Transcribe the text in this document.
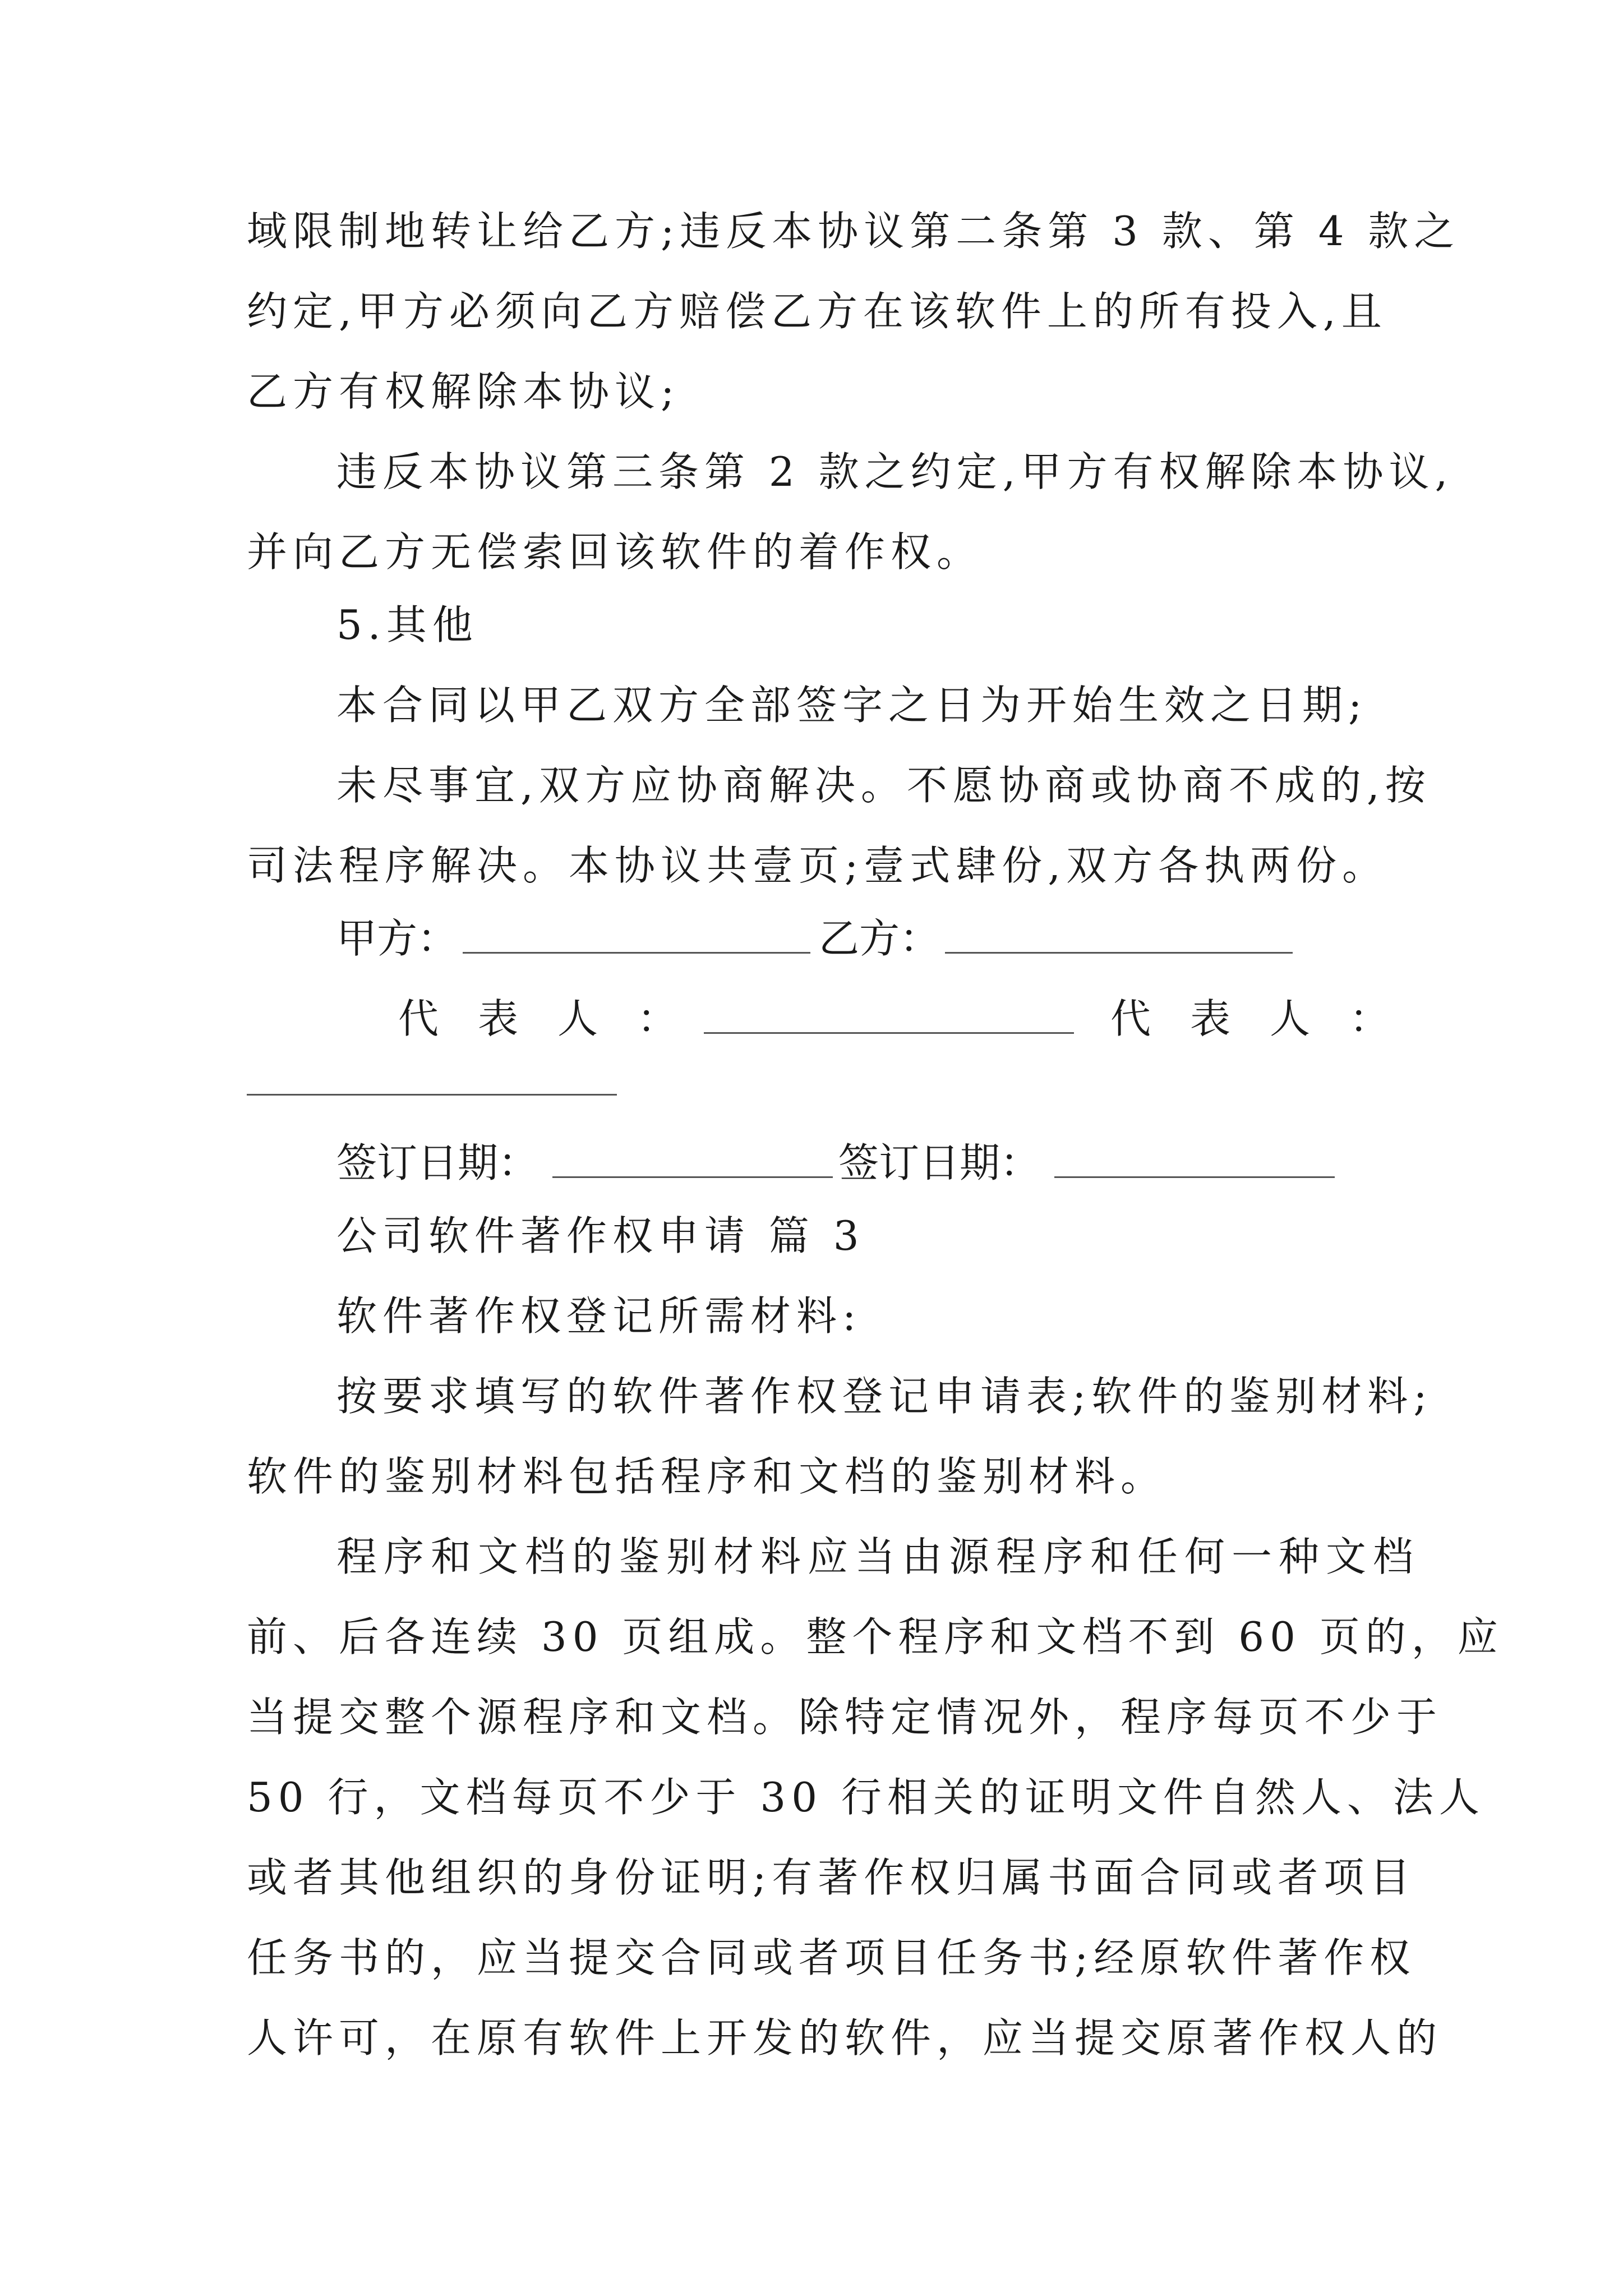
域限制地转让给乙方;违反本协议第二条第 3 款、第 4 款之
约定,甲方必须向乙方赔偿乙方在该软件上的所有投入,且
乙方有权解除本协议;
违反本协议第三条第 2 款之约定,甲方有权解除本协议,
并向乙方无偿索回该软件的着作权。
5.其他
本合同以甲乙双方全部签字之日为开始生效之日期;
未尽事宜,双方应协商解决。不愿协商或协商不成的,按
司法程序解决。本协议共壹页;壹式肆份,双方各执两份。
甲方：	乙方：
代表人：	代表人：
签订日期：	签订日期：
公司软件著作权申请 篇 3
软件著作权登记所需材料:
按要求填写的软件著作权登记申请表;软件的鉴别材料;
软件的鉴别材料包括程序和文档的鉴别材料。
程序和文档的鉴别材料应当由源程序和任何一种文档
前、后各连续 30 页组成。整个程序和文档不到 60 页的，应
当提交整个源程序和文档。除特定情况外，程序每页不少于
50 行，文档每页不少于 30 行相关的证明文件自然人、法人
或者其他组织的身份证明;有著作权归属书面合同或者项目
任务书的，应当提交合同或者项目任务书;经原软件著作权
人许可，在原有软件上开发的软件，应当提交原著作权人的
